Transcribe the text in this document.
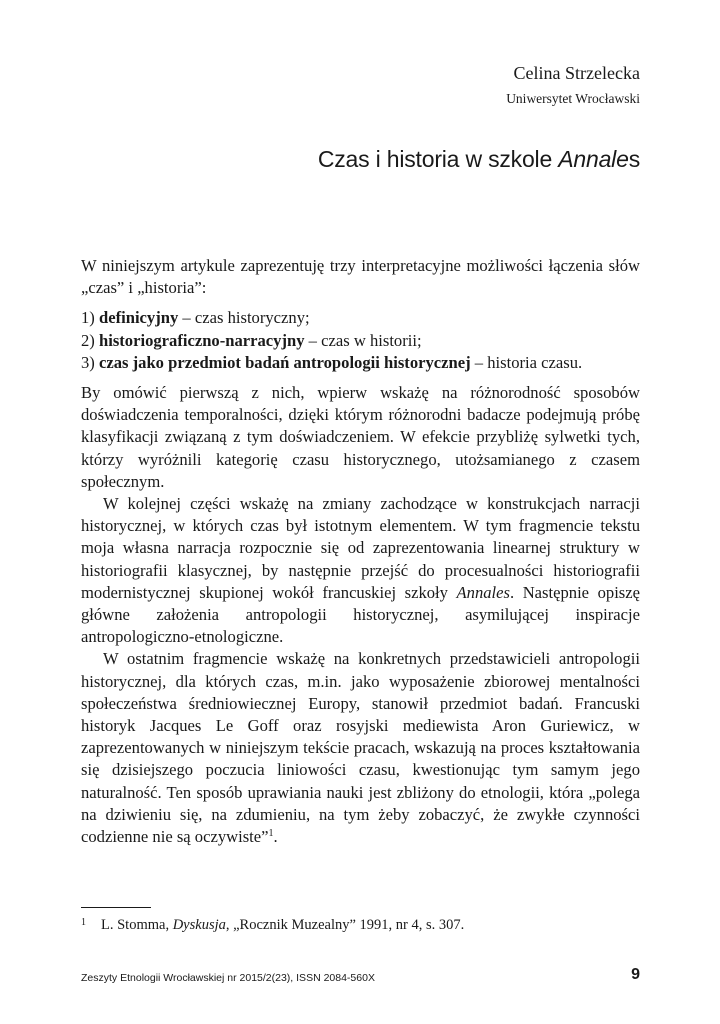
Celina Strzelecka
Uniwersytet Wrocławski
Czas i historia w szkole Annales

W niniejszym artykule zaprezentuję trzy interpretacyjne możliwości łączenia słów „czas” i „historia”:

1) definicyjny – czas historyczny;
2) historiograficzno-narracyjny – czas w historii;
3) czas jako przedmiot badań antropologii historycznej – historia czasu.

By omówić pierwszą z nich, wpierw wskażę na różnorodność sposobów doświadczenia temporalności, dzięki którym różnorodni badacze podejmują próbę klasyfikacji związaną z tym doświadczeniem. W efekcie przybliżę sylwetki tych, którzy wyróżnili kategorię czasu historycznego, utożsamianego z czasem społecznym.

W kolejnej części wskażę na zmiany zachodzące w konstrukcjach narracji historycznej, w których czas był istotnym elementem. W tym fragmencie tekstu moja własna narracja rozpocznie się od zaprezentowania linearnej struktury w historiografii klasycznej, by następnie przejść do procesualności historiografii modernistycznej skupionej wokół francuskiej szkoły Annales. Następnie opiszę główne założenia antropologii historycznej, asymilującej inspiracje antropologiczno-etnologiczne.

W ostatnim fragmencie wskażę na konkretnych przedstawicieli antropologii historycznej, dla których czas, m.in. jako wyposażenie zbiorowej mentalności społeczeństwa średniowiecznej Europy, stanowił przedmiot badań. Francuski historyk Jacques Le Goff oraz rosyjski mediewista Aron Guriewicz, w zaprezentowanych w niniejszym tekście pracach, wskazują na proces kształtowania się dzisiejszego poczucia liniowości czasu, kwestionując tym samym jego naturalność. Ten sposób uprawiania nauki jest zbliżony do etnologii, która „polega na dziwieniu się, na zdumieniu, na tym żeby zobaczyć, że zwykłe czynności codzienne nie są oczywiste”$^1$.

1 L. Stomma, Dyskusja, „Rocznik Muzealny” 1991, nr 4, s. 307.
Zeszyty Etnologii Wrocławskiej nr 2015/2(23), ISSN 2084-560X	9
